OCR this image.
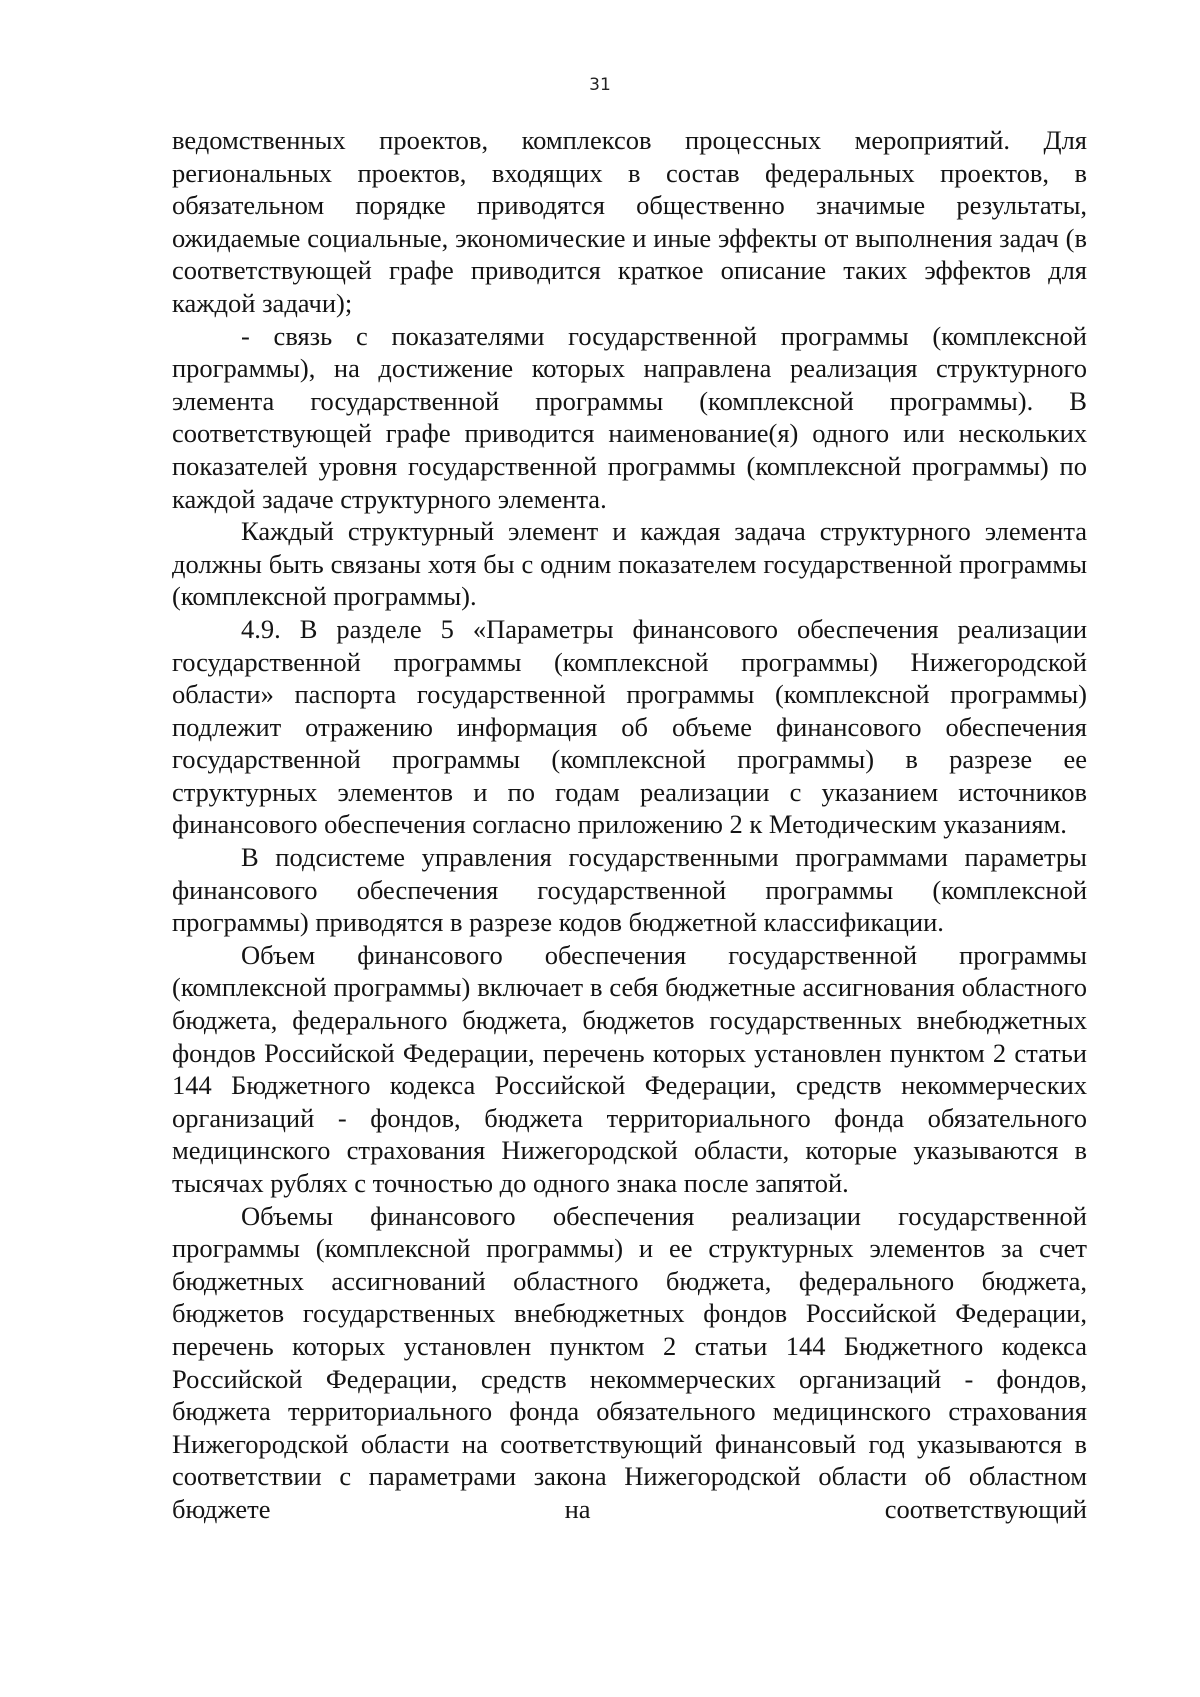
31

ведомственных проектов, комплексов процессных мероприятий. Для региональных проектов, входящих в состав федеральных проектов, в обязательном порядке приводятся общественно значимые результаты, ожидаемые социальные, экономические и иные эффекты от выполнения задач (в соответствующей графе приводится краткое описание таких эффектов для каждой задачи);

- связь с показателями государственной программы (комплексной программы), на достижение которых направлена реализация структурного элемента государственной программы (комплексной программы). В соответствующей графе приводится наименование(я) одного или нескольких показателей уровня государственной программы (комплексной программы) по каждой задаче структурного элемента.

Каждый структурный элемент и каждая задача структурного элемента должны быть связаны хотя бы с одним показателем государственной программы (комплексной программы).

4.9. В разделе 5 «Параметры финансового обеспечения реализации государственной программы (комплексной программы) Нижегородской области» паспорта государственной программы (комплексной программы) подлежит отражению информация об объеме финансового обеспечения государственной программы (комплексной программы) в разрезе ее структурных элементов и по годам реализации с указанием источников финансового обеспечения согласно приложению 2 к Методическим указаниям.

В подсистеме управления государственными программами параметры финансового обеспечения государственной программы (комплексной программы) приводятся в разрезе кодов бюджетной классификации.

Объем финансового обеспечения государственной программы (комплексной программы) включает в себя бюджетные ассигнования областного бюджета, федерального бюджета, бюджетов государственных внебюджетных фондов Российской Федерации, перечень которых установлен пунктом 2 статьи 144 Бюджетного кодекса Российской Федерации, средств некоммерческих организаций - фондов, бюджета территориального фонда обязательного медицинского страхования Нижегородской области, которые указываются в тысячах рублях с точностью до одного знака после запятой.

Объемы финансового обеспечения реализации государственной программы (комплексной программы) и ее структурных элементов за счет бюджетных ассигнований областного бюджета, федерального бюджета, бюджетов государственных внебюджетных фондов Российской Федерации, перечень которых установлен пунктом 2 статьи 144 Бюджетного кодекса Российской Федерации, средств некоммерческих организаций - фондов, бюджета территориального фонда обязательного медицинского страхования Нижегородской области на соответствующий финансовый год указываются в соответствии с параметрами закона Нижегородской области об областном бюджете на соответствующий
